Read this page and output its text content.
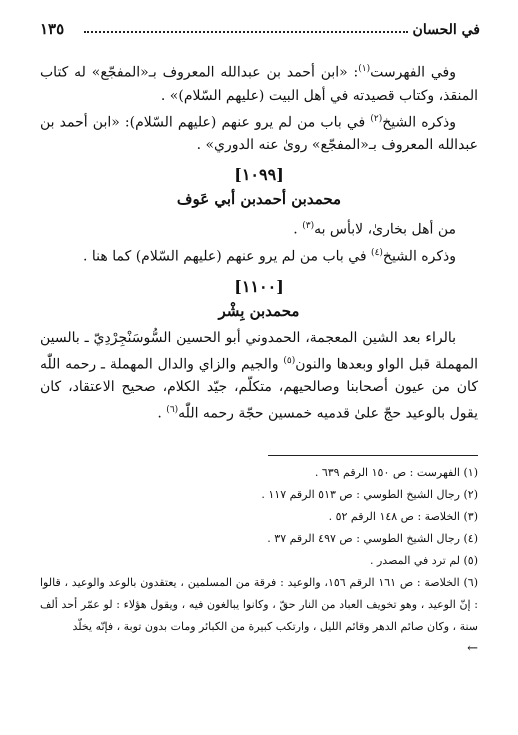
في الحسان
١٣٥

وفي الفهرست$^{(١)}$: «ابن أحمد بن عبدالله المعروف بـ«المفجّع» له كتاب المنقذ، وكتاب قصيدته في أهل البيت (عليهم السّلام)» .

وذكره الشيخ$^{(٢)}$ في باب من لم يرو عنهم (عليهم السّلام): «ابن أحمد بن عبدالله المعروف بـ«المفجّع» روىٰ عنه الدوري» .

[١٠٩٩]
محمدبن أحمدبن أبي عَوف

من أهل بخارىٰ، لابأس به$^{(٣)}$ .

وذكره الشيخ$^{(٤)}$ في باب من لم يرو عنهم (عليهم السّلام) كما هنا .

[١١٠٠]
محمدبن بِشْر

بالراء بعد الشين المعجمة، الحمدوني أبو الحسين السُّوسَنْجِرْدِيّ ـ بالسين المهملة قبل الواو وبعدها والنون$^{(٥)}$ والجيم والزاي والدال المهملة ـ رحمه اللّٰه كان من عيون أصحابنا وصالحيهم، متكلّم، جيّد الكلام، صحيح الاعتقاد، كان يقول بالوعيد حجّ علىٰ قدميه خمسين حجّة رحمه اللّٰه$^{(٦)}$ .

(١) الفهرست : ص ١٥٠ الرقم ٦٣٩ .

(٢) رجال الشيخ الطوسي : ص ٥١٣ الرقم ١١٧ .

(٣) الخلاصة : ص ١٤٨ الرقم ٥٢ .

(٤) رجال الشيخ الطوسي : ص ٤٩٧ الرقم ٣٧ .

(٥) لم ترد في المصدر .

(٦) الخلاصة : ص ١٦١ الرقم ١٥٦، والوعيد : فرقة من المسلمين ، يعتقدون بالوعد والوعيد ، قالوا : إنّ الوعيد ، وهو تخويف العباد من النار حقّ ، وكانوا يبالغون فيه ، ويقول هؤلاء : لو عمّر أحد ألف سنة ، وكان صائم الدهر وقائم الليل ، وارتكب كبيرة من الكبائر ومات بدون توبة ، فإنّه يخلّد

←
